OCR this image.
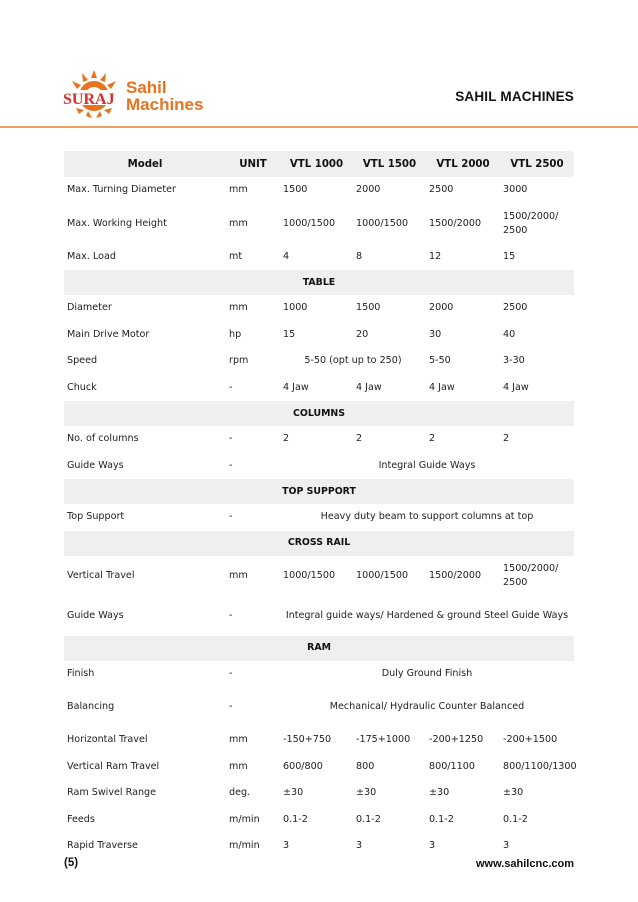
SURAJ
Sahil
Machines	SAHIL MACHINES
Model	UNIT	VTL 1000	VTL 1500	VTL 2000	VTL 2500
Max. Turning Diameter	mm	1500	2000	2500	3000
Max. Working Height	mm	1000/1500	1000/1500	1500/2000	1500/2000/ 2500
Max. Load	mt	4	8	12	15
TABLE					
Diameter	mm	1000	1500	2000	2500
Main Drive Motor	hp	15	20	30	40
Speed	rpm	5-50 (opt up to 250)		5-50	3-30
Chuck	-	4 Jaw	4 Jaw	4 Jaw	4 Jaw
COLUMNS					
No. of columns	-	2	2	2	2
Guide Ways	-	Integral Guide Ways			
TOP SUPPORT					
Top Support	-	Heavy duty beam to support columns at top			
CROSS RAIL					
Vertical Travel	mm	1000/1500	1000/1500	1500/2000	1500/2000/ 2500
Guide Ways	-	Integral guide ways/ Hardened & ground Steel Guide Ways			
RAM					
Finish	-	Duly Ground Finish			
Balancing	-	Mechanical/ Hydraulic Counter Balanced			
Horizontal Travel	mm	-150+750	-175+1000	-200+1250	-200+1500
Vertical Ram Travel	mm	600/800	800	800/1100	800/1100/1300
Ram Swivel Range	deg.	±30	±30	±30	±30
Feeds	m/min	0.1-2	0.1-2	0.1-2	0.1-2
Rapid Traverse	m/min	3	3	3	3
(5)	www.sahilcnc.com
